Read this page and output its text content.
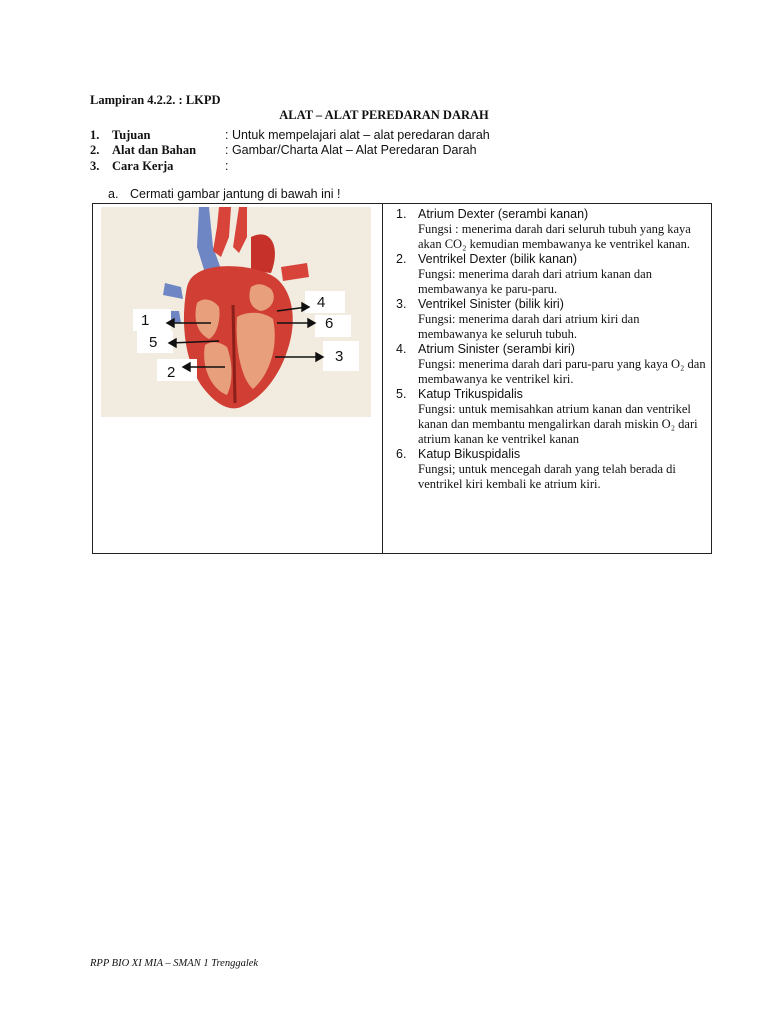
Lampiran 4.2.2. : LKPD
ALAT – ALAT PEREDARAN DARAH
1.	Tujuan	: Untuk mempelajari alat – alat peredaran darah
2.	Alat dan Bahan	: Gambar/Charta Alat – Alat Peredaran Darah
3.	Cara Kerja	:
a. Cermati gambar jantung di bawah ini !
1
2
3
4
5
6
1. Atrium Dexter (serambi kanan)
Fungsi : menerima darah dari seluruh tubuh yang kaya akan CO₂ kemudian membawanya ke ventrikel kanan.
2. Ventrikel Dexter (bilik kanan)
Fungsi: menerima darah dari atrium kanan dan membawanya ke paru-paru.
3. Ventrikel Sinister (bilik kiri)
Fungsi: menerima darah dari atrium kiri dan membawanya ke seluruh tubuh.
4. Atrium Sinister (serambi kiri)
Fungsi: menerima darah dari paru-paru yang kaya O₂ dan membawanya ke ventrikel kiri.
5. Katup Trikuspidalis
Fungsi: untuk memisahkan atrium kanan dan ventrikel kanan dan membantu mengalirkan darah miskin O₂ dari atrium kanan ke ventrikel kanan
6. Katup Bikuspidalis
Fungsi; untuk mencegah darah yang telah berada di ventrikel kiri kembali ke atrium kiri.
RPP BIO XI MIA – SMAN 1 Trenggalek
